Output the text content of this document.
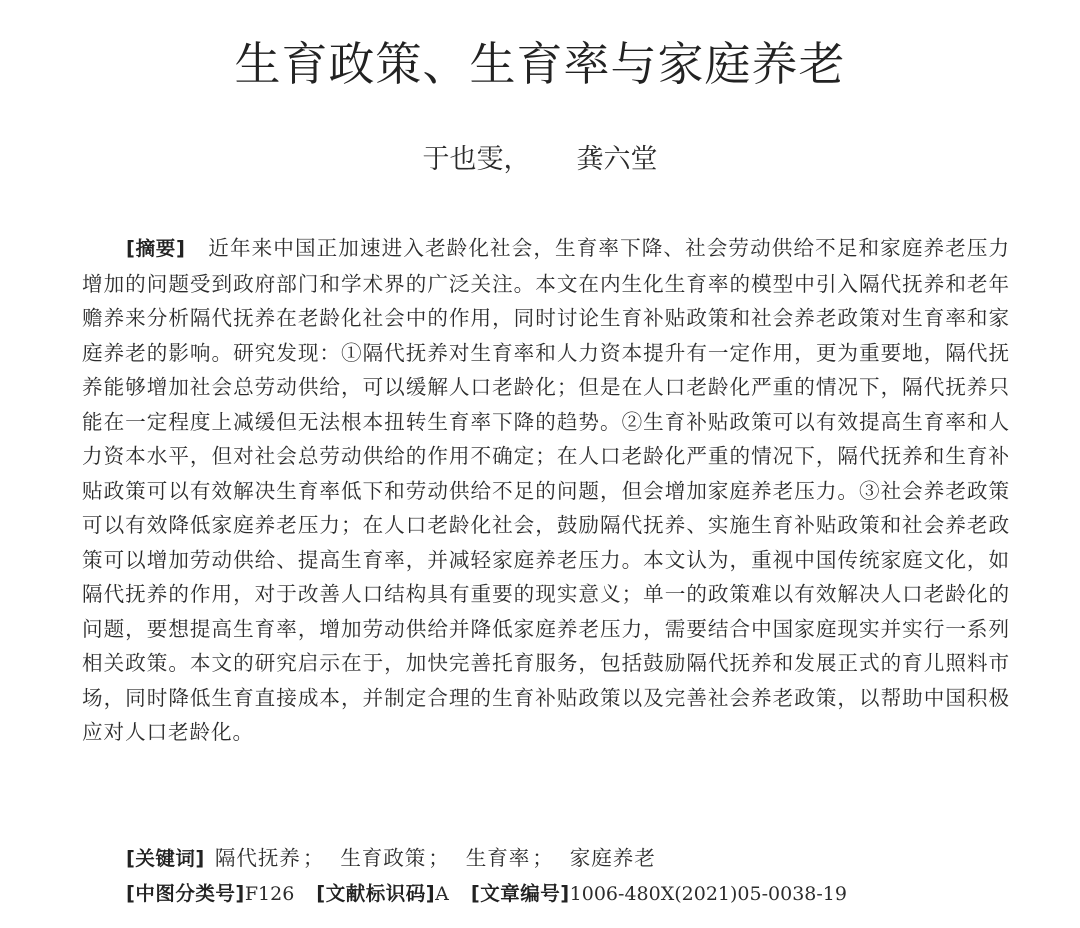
生育政策、生育率与家庭养老
于也雯， 龚六堂
[摘要] 近年来中国正加速进入老龄化社会，生育率下降、社会劳动供给不足和家庭养老压力增加的问题受到政府部门和学术界的广泛关注。本文在内生化生育率的模型中引入隔代抚养和老年赡养来分析隔代抚养在老龄化社会中的作用，同时讨论生育补贴政策和社会养老政策对生育率和家庭养老的影响。研究发现：①隔代抚养对生育率和人力资本提升有一定作用，更为重要地，隔代抚养能够增加社会总劳动供给，可以缓解人口老龄化；但是在人口老龄化严重的情况下，隔代抚养只能在一定程度上减缓但无法根本扭转生育率下降的趋势。②生育补贴政策可以有效提高生育率和人力资本水平，但对社会总劳动供给的作用不确定；在人口老龄化严重的情况下，隔代抚养和生育补贴政策可以有效解决生育率低下和劳动供给不足的问题，但会增加家庭养老压力。③社会养老政策可以有效降低家庭养老压力；在人口老龄化社会，鼓励隔代抚养、实施生育补贴政策和社会养老政策可以增加劳动供给、提高生育率，并减轻家庭养老压力。本文认为，重视中国传统家庭文化，如隔代抚养的作用，对于改善人口结构具有重要的现实意义；单一的政策难以有效解决人口老龄化的问题，要想提高生育率，增加劳动供给并降低家庭养老压力，需要结合中国家庭现实并实行一系列相关政策。本文的研究启示在于，加快完善托育服务，包括鼓励隔代抚养和发展正式的育儿照料市场，同时降低生育直接成本，并制定合理的生育补贴政策以及完善社会养老政策，以帮助中国积极应对人口老龄化。
[关键词] 隔代抚养； 生育政策； 生育率； 家庭养老
[中图分类号]F126 [文献标识码]A [文章编号]1006-480X(2021)05-0038-19
